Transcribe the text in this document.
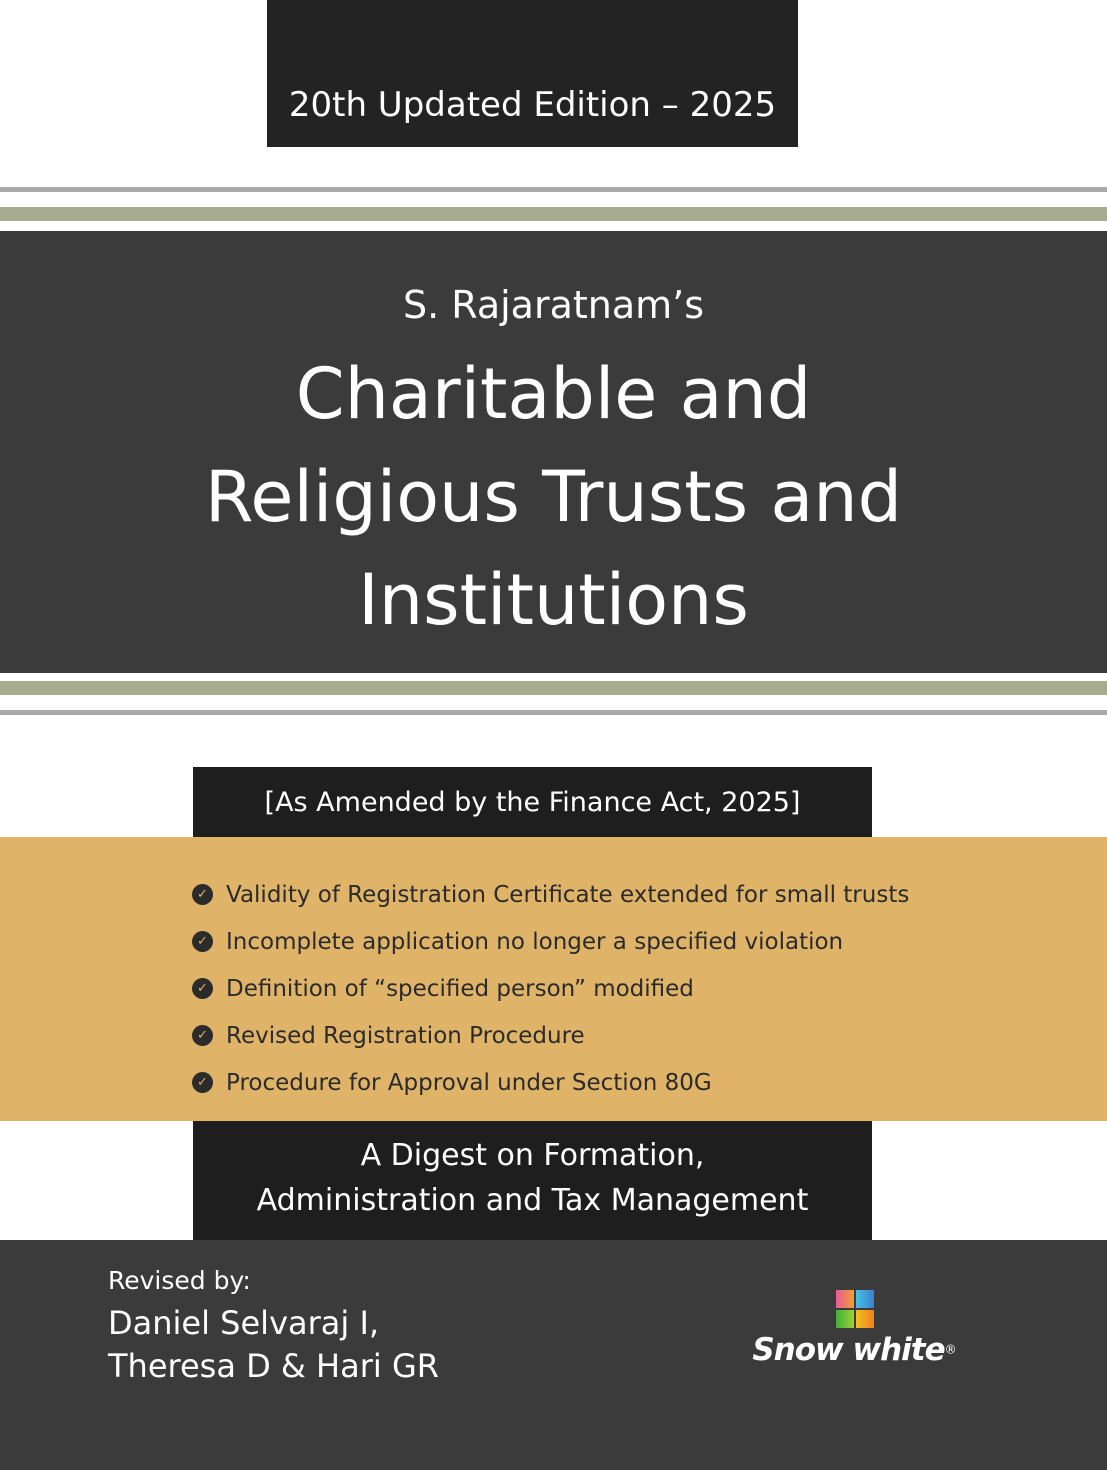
20th Updated Edition – 2025
S. Rajaratnam’s
Charitable and
Religious Trusts and
Institutions
[As Amended by the Finance Act, 2025]
✓ Validity of Registration Certificate extended for small trusts
✓ Incomplete application no longer a specified violation
✓ Definition of “specified person” modified
✓ Revised Registration Procedure
✓ Procedure for Approval under Section 80G
A Digest on Formation,
Administration and Tax Management
Revised by:
Daniel Selvaraj I,
Theresa D & Hari GR	Snow white®
